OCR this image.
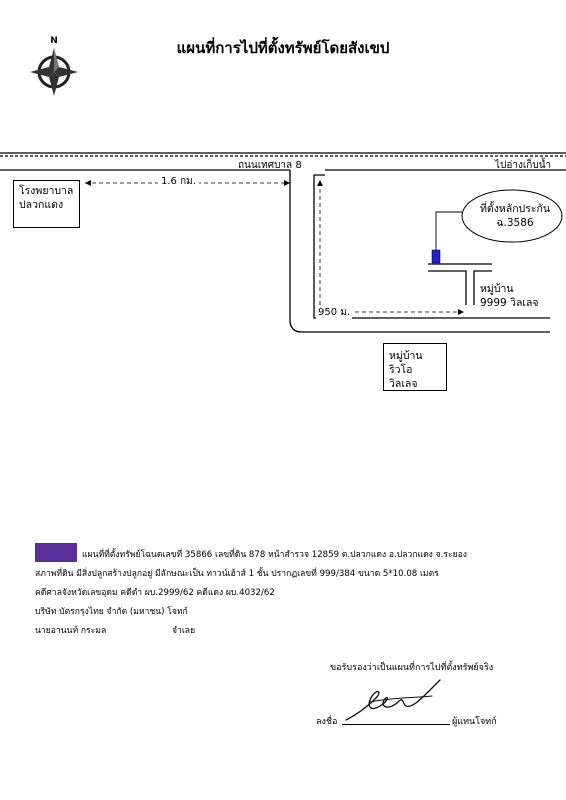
แผนที่การไปที่ตั้งทรัพย์โดยสังเขป
N
ถนนเทศบาล 8	ไปอ่างเก็บน้ำ
1.6 กม.
950 ม.
โรงพยาบาล
ปลวกแดง	ที่ตั้งหลักประกัน
ฉ.3586
หมู่บ้าน
9999 วิลเลจ
หมู่บ้าน
ริวโอ วิลเลจ
แผนที่ที่ตั้งทรัพย์โฉนดเลขที่ 35866 เลขที่ดิน 878 หน้าสำรวจ 12859 ต.ปลวกแดง อ.ปลวกแดง จ.ระยอง
สภาพที่ดิน มีสิ่งปลูกสร้างปลูกอยู่ มีลักษณะเป็น ทาวน์เฮ้าส์ 1 ชั้น ปรากฏเลขที่ 999/384 ขนาด 5*10.08 เมตร
คดีศาลจังหวัดเลขอุดม คดีดำ ผบ.2999/62 คดีแดง ผบ.4032/62
บริษัท บัตรกรุงไทย จำกัด (มหาชน) โจทก์
นายอานนท์ กระมล	จำเลย
ขอรับรองว่าเป็นแผนที่การไปที่ตั้งทรัพย์จริง
ลงชื่อ	ผู้แทนโจทก์
